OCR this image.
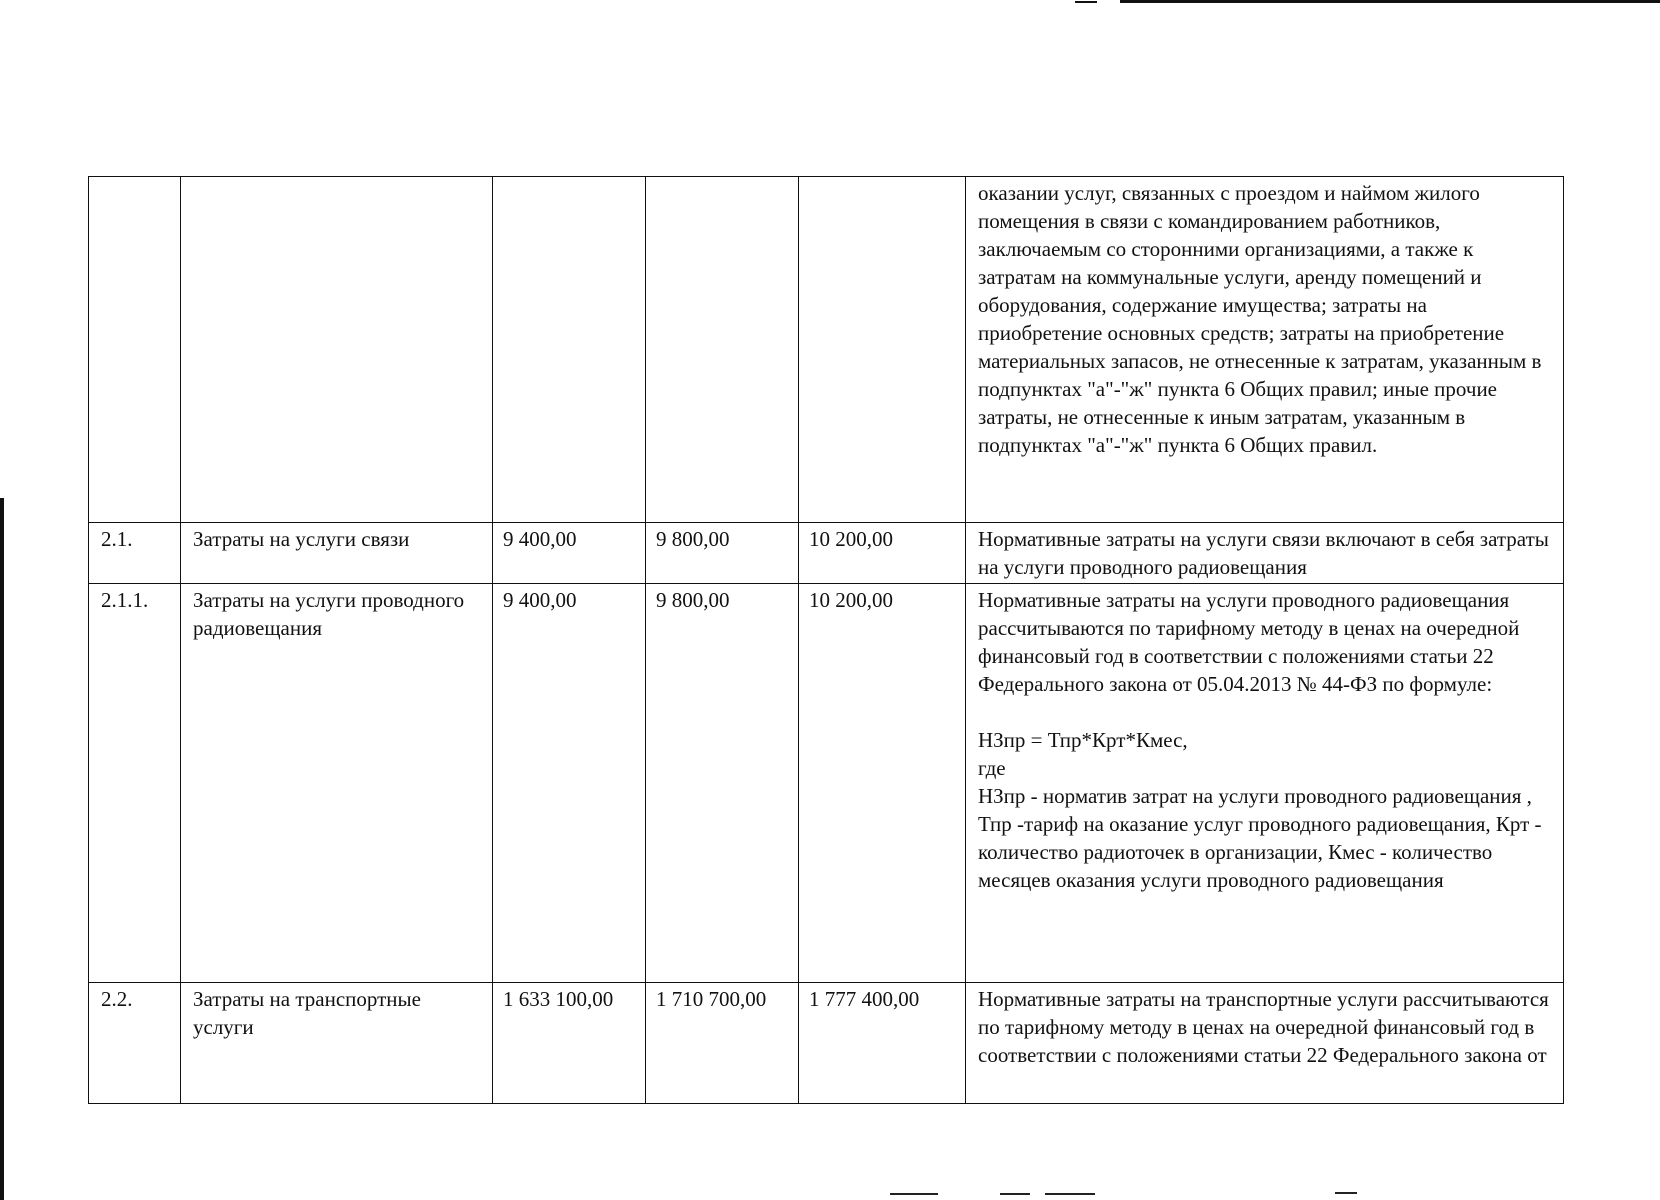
					оказании услуг, связанных с проездом и наймом жилого помещения в связи с командированием работников, заключаемым со сторонними организациями, а также к затратам на коммунальные услуги, аренду помещений и оборудования, содержание имущества; затраты на приобретение основных средств; затраты на приобретение материальных запасов, не отнесенные к затратам, указанным в подпунктах "а"-"ж" пункта 6 Общих правил; иные прочие затраты, не отнесенные к иным затратам, указанным в подпунктах "а"-"ж" пункта 6 Общих правил.
2.1.	Затраты на услуги связи	9 400,00	9 800,00	10 200,00	Нормативные затраты на услуги связи включают в себя затраты на услуги проводного радиовещания
2.1.1.	Затраты на услуги проводного радиовещания	9 400,00	9 800,00	10 200,00	Нормативные затраты на услуги проводного радиовещания рассчитываются по тарифному методу в ценах на очередной финансовый год в соответствии с положениями статьи 22 Федерального закона от 05.04.2013 № 44-ФЗ по формуле:

НЗпр = Тпр*Крт*Кмес,
где
НЗпр - норматив затрат на услуги проводного радиовещания ,
Тпр -тариф на оказание услуг проводного радиовещания, Крт - количество радиоточек в организации, Кмес - количество месяцев оказания услуги проводного радиовещания
2.2.	Затраты на транспортные услуги	1 633 100,00	1 710 700,00	1 777 400,00	Нормативные затраты на транспортные услуги рассчитываются по тарифному методу в ценах на очередной финансовый год в соответствии с положениями статьи 22 Федерального закона от
